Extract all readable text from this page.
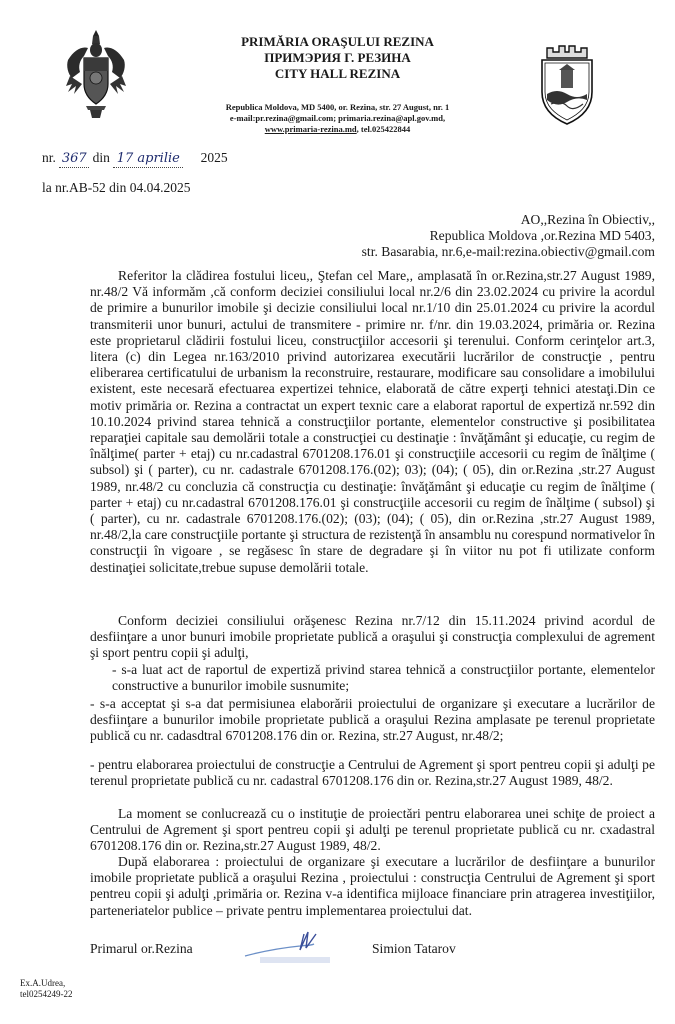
PRIMĂRIA ORAŞULUI REZINA
ПРИМЭРИЯ Г. РЕЗИНА
CITY HALL REZINA
Republica Moldova, MD 5400, or. Rezina, str. 27 August, nr. 1
e-mail:pr.rezina@gmail.com; primaria.rezina@apl.gov.md,
www.primaria-rezina.md, tel.025422844
nr. 367 din 17 aprilie 2025
la nr.AB-52 din 04.04.2025
AO,,Rezina în Obiectiv,,
Republica Moldova ,or.Rezina MD 5403,
str. Basarabia, nr.6,e-mail:rezina.obiectiv@gmail.com
Referitor la clădirea fostului liceu,, Ştefan cel Mare,, amplasată în or.Rezina,str.27 August 1989, nr.48/2 Vă informăm ,că conform deciziei consiliului local nr.2/6 din 23.02.2024 cu privire la acordul de primire a bunurilor imobile şi decizie consiliului local nr.1/10 din 25.01.2024 cu privire la acordul transmiterii unor bunuri, actului de transmitere - primire nr. f/nr. din 19.03.2024, primăria or. Rezina este proprietarul clădirii fostului liceu, construcţiilor accesorii şi terenului. Conform cerinţelor art.3, litera (c) din Legea nr.163/2010 privind autorizarea executării lucrărilor de construcţie , pentru eliberarea certificatului de urbanism la reconstruire, restaurare, modificare sau consolidare a imobilului existent, este necesară efectuarea expertizei tehnice, elaborată de către experţi tehnici atestaţi.Din ce motiv primăria or. Rezina a contractat un expert texnic care a elaborat raportul de expertiză nr.592 din 10.10.2024 privind starea tehnică a construcţiilor portante, elementelor constructive şi posibilitatea reparaţiei capitale sau demolării totale a construcţiei cu destinaţie : învăţământ şi educaţie, cu regim de înălţime( parter + etaj) cu nr.cadastral 6701208.176.01 şi construcţiile accesorii cu regim de înălţime ( subsol) şi ( parter), cu nr. cadastrale 6701208.176.(02); 03); (04); ( 05), din or.Rezina ,str.27 August 1989, nr.48/2 cu concluzia că construcţia cu destinaţie: învăţământ şi educaţie cu regim de înălţime ( parter + etaj) cu nr.cadastral 6701208.176.01 şi construcţiile accesorii cu regim de înălţime ( subsol) şi ( parter), cu nr. cadastrale 6701208.176.(02); (03); (04); ( 05), din or.Rezina ,str.27 August 1989, nr.48/2,la care construcţiile portante şi structura de rezistenţă în ansamblu nu corespund normativelor în construcţii în vigoare , se regăsesc în stare de degradare şi în viitor nu pot fi utilizate conform destinaţiei solicitate,trebue supuse demolării totale.
Conform deciziei consiliului orăşenesc Rezina nr.7/12 din 15.11.2024 privind acordul de desfiinţare a unor bunuri imobile proprietate publică a oraşului şi construcţia complexului de agrement şi sport pentru copii şi adulţi,
- s-a luat act de raportul de expertiză privind starea tehnică a construcţiilor portante, elementelor constructive a bunurilor imobile susnumite;
- s-a acceptat şi s-a dat permisiunea elaborării proiectului de organizare şi executare a lucrărilor de desfiinţare a bunurilor imobile proprietate publică a oraşului Rezina amplasate pe terenul proprietate publică cu nr. cadasdtral 6701208.176 din or. Rezina, str.27 August, nr.48/2;
- pentru elaborarea proiectului de construcţie a Centrului de Agrement şi sport pentreu copii şi adulţi pe terenul proprietate publică cu nr. cadastral 6701208.176 din or. Rezina,str.27 August 1989, 48/2.
La moment se conlucrează cu o instituţie de proiectări pentru elaborarea unei schiţe de proiect a Centrului de Agrement şi sport pentreu copii şi adulţi pe terenul proprietate publică cu nr. cxadastral 6701208.176 din or. Rezina,str.27 August 1989, 48/2.
După elaborarea : proiectului de organizare şi executare a lucrărilor de desfiinţare a bunurilor imobile proprietate publică a oraşului Rezina , proiectului : construcţia Centrului de Agrement şi sport pentreu copii şi adulţi ,primăria or. Rezina v-a identifica mijloace financiare prin atragerea investiţiilor, parteneriatelor publice – private pentru implementarea proiectului dat.
Primarul or.Rezina	Simion Tatarov
Ex.A.Udrea,
tel0254249-22
